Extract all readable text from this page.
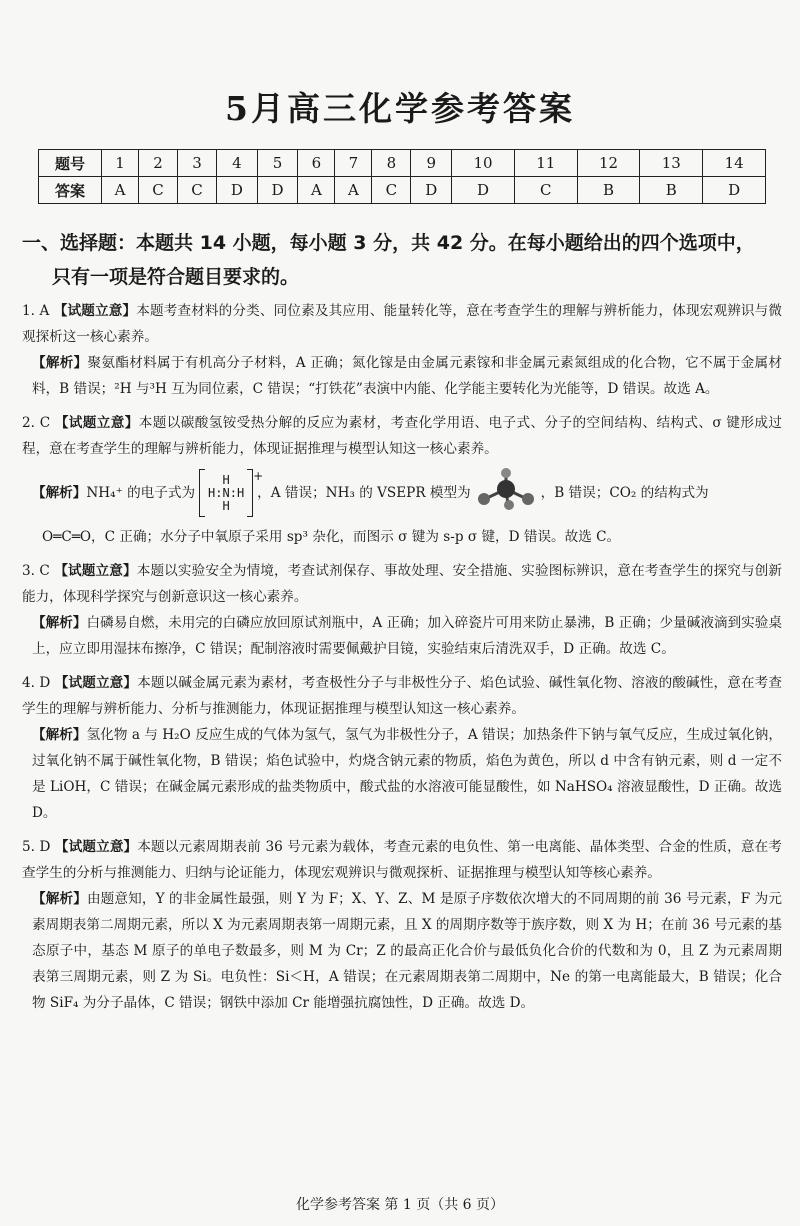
5月高三化学参考答案
题号	1	2	3	4	5	6	7	8	9	10	11	12	13	14
答案	A	C	C	D	D	A	A	C	D	D	C	B	B	D
一、选择题：本题共 14 小题，每小题 3 分，共 42 分。在每小题给出的四个选项中，
只有一项是符合题目要求的。

1. A 【试题立意】本题考查材料的分类、同位素及其应用、能量转化等，意在考查学生的理解与辨析能力，体现宏观辨识与微观探析这一核心素养。

【解析】聚氨酯材料属于有机高分子材料，A 正确；氮化镓是由金属元素镓和非金属元素氮组成的化合物，它不属于金属材料，B 错误；²H 与³H 互为同位素，C 错误；“打铁花”表演中内能、化学能主要转化为光能等，D 错误。故选 A。

2. C 【试题立意】本题以碳酸氢铵受热分解的反应为素材，考查化学用语、电子式、分子的空间结构、结构式、σ 键形成过程，意在考查学生的理解与辨析能力，体现证据推理与模型认知这一核心素养。

【解析】 NH₄⁺ 的电子式为
H
H:N:H
H
+
，A 错误；NH₃ 的 VSEPR 模型为	，B 错误；CO₂ 的结构式为

O═C═O，C 正确；水分子中氧原子采用 sp³ 杂化，而图示 σ 键为 s-p σ 键，D 错误。故选 C。

3. C 【试题立意】本题以实验安全为情境，考查试剂保存、事故处理、安全措施、实验图标辨识，意在考查学生的探究与创新能力，体现科学探究与创新意识这一核心素养。

【解析】白磷易自燃，未用完的白磷应放回原试剂瓶中，A 正确；加入碎瓷片可用来防止暴沸，B 正确；少量碱液滴到实验桌上，应立即用湿抹布擦净，C 错误；配制溶液时需要佩戴护目镜，实验结束后清洗双手，D 正确。故选 C。

4. D 【试题立意】本题以碱金属元素为素材，考查极性分子与非极性分子、焰色试验、碱性氧化物、溶液的酸碱性，意在考查学生的理解与辨析能力、分析与推测能力，体现证据推理与模型认知这一核心素养。

【解析】氢化物 a 与 H₂O 反应生成的气体为氢气，氢气为非极性分子，A 错误；加热条件下钠与氧气反应，生成过氧化钠，过氧化钠不属于碱性氧化物，B 错误；焰色试验中，灼烧含钠元素的物质，焰色为黄色，所以 d 中含有钠元素，则 d 一定不是 LiOH，C 错误；在碱金属元素形成的盐类物质中，酸式盐的水溶液可能显酸性，如 NaHSO₄ 溶液显酸性，D 正确。故选 D。

5. D 【试题立意】本题以元素周期表前 36 号元素为载体，考查元素的电负性、第一电离能、晶体类型、合金的性质，意在考查学生的分析与推测能力、归纳与论证能力，体现宏观辨识与微观探析、证据推理与模型认知等核心素养。

【解析】由题意知，Y 的非金属性最强，则 Y 为 F；X、Y、Z、M 是原子序数依次增大的不同周期的前 36 号元素，F 为元素周期表第二周期元素，所以 X 为元素周期表第一周期元素，且 X 的周期序数等于族序数，则 X 为 H；在前 36 号元素的基态原子中，基态 M 原子的单电子数最多，则 M 为 Cr；Z 的最高正化合价与最低负化合价的代数和为 0，且 Z 为元素周期表第三周期元素，则 Z 为 Si。电负性：Si＜H，A 错误；在元素周期表第二周期中，Ne 的第一电离能最大，B 错误；化合物 SiF₄ 为分子晶体，C 错误；钢铁中添加 Cr 能增强抗腐蚀性，D 正确。故选 D。

化学参考答案 第 1 页（共 6 页）
